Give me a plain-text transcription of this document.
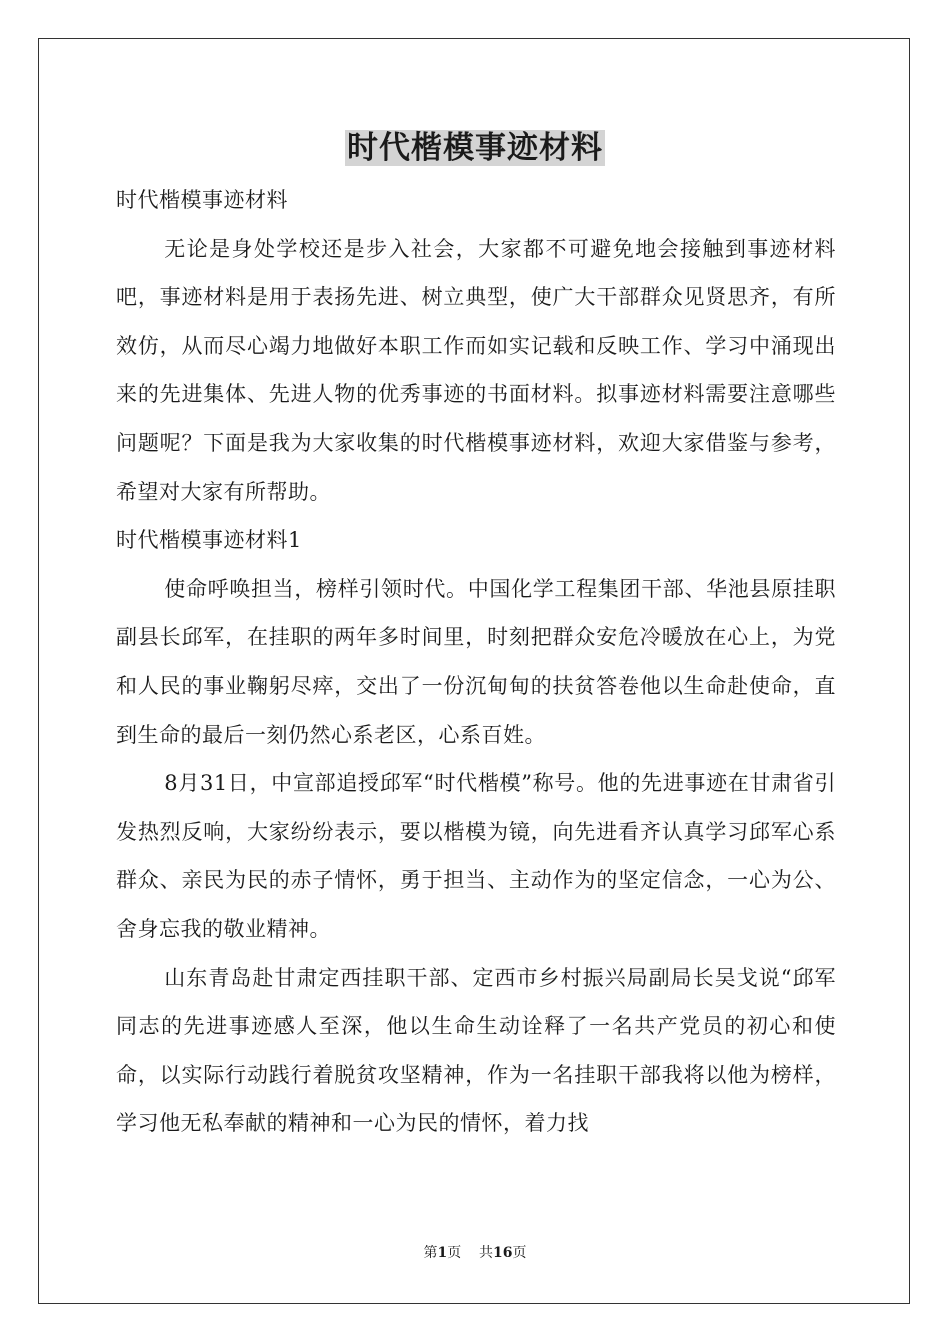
时代楷模事迹材料

时代楷模事迹材料

无论是身处学校还是步入社会，大家都不可避免地会接触到事迹材料吧，事迹材料是用于表扬先进、树立典型，使广大干部群众见贤思齐，有所效仿，从而尽心竭力地做好本职工作而如实记载和反映工作、学习中涌现出来的先进集体、先进人物的优秀事迹的书面材料。拟事迹材料需要注意哪些问题呢？下面是我为大家收集的时代楷模事迹材料，欢迎大家借鉴与参考，希望对大家有所帮助。

时代楷模事迹材料1

使命呼唤担当，榜样引领时代。中国化学工程集团干部、华池县原挂职副县长邱军，在挂职的两年多时间里，时刻把群众安危冷暖放在心上，为党和人民的事业鞠躬尽瘁，交出了一份沉甸甸的扶贫答卷他以生命赴使命，直到生命的最后一刻仍然心系老区，心系百姓。

8月31日，中宣部追授邱军“时代楷模”称号。他的先进事迹在甘肃省引发热烈反响，大家纷纷表示，要以楷模为镜，向先进看齐认真学习邱军心系群众、亲民为民的赤子情怀，勇于担当、主动作为的坚定信念，一心为公、舍身忘我的敬业精神。

山东青岛赴甘肃定西挂职干部、定西市乡村振兴局副局长吴戈说“邱军同志的先进事迹感人至深，他以生命生动诠释了一名共产党员的初心和使命，以实际行动践行着脱贫攻坚精神，作为一名挂职干部我将以他为榜样，学习他无私奉献的精神和一心为民的情怀，着力找

第1页 共16页
